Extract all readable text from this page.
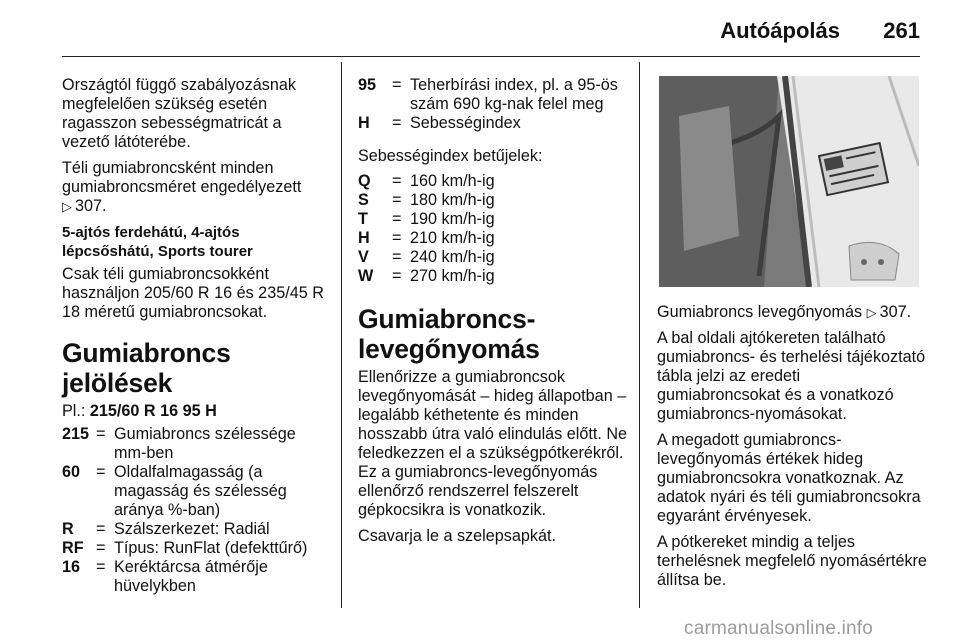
Autóápolás 261

Országtól függő szabályozásnak megfelelően szükség esetén ragasszon sebességmatricát a vezető látóterébe.

Téli gumiabroncsként minden gumiabroncsméret engedélyezett
▷ 307.

5-ajtós ferdehátú, 4-ajtós lépcsőshátú, Sports tourer

Csak téli gumiabroncsokként használjon 205/60 R 16 és 235/45 R 18 méretű gumiabroncsokat.

Gumiabroncs jelölések

Pl.: 215/60 R 16 95 H

215 = Gumiabroncs szélessége mm-ben
60 = Oldalfalmagasság (a magasság és szélesség aránya %-ban)
R	= Szálszerkezet: Radiál
RF = Típus: RunFlat (defekttűrő)
16 = Keréktárcsa átmérője hüvelykben
95 = Teherbírási index, pl. a 95-ös szám 690 kg-nak felel meg
H	= Sebességindex

Sebességindex betűjelek:

Q	= 160 km/h-ig
S	= 180 km/h-ig
T	= 190 km/h-ig
H	= 210 km/h-ig
V	= 240 km/h-ig
W	= 270 km/h-ig
Gumiabroncs-levegőnyomás

Ellenőrizze a gumiabroncsok levegőnyomását – hideg állapotban – legalább kéthetente és minden hosszabb útra való elindulás előtt. Ne feledkezzen el a szükségpótkerékről. Ez a gumiabroncs-levegőnyomás ellenőrző rendszerrel felszerelt gépkocsikra is vonatkozik.

Csavarja le a szelepsapkát.

Gumiabroncs levegőnyomás ▷ 307.

A bal oldali ajtókereten található gumiabroncs- és terhelési tájékoztató tábla jelzi az eredeti gumiabroncsokat és a vonatkozó gumiabroncs-nyomásokat.

A megadott gumiabroncs-levegőnyomás értékek hideg gumiabroncsokra vonatkoznak. Az adatok nyári és téli gumiabroncsokra egyaránt érvényesek.

A pótkereket mindig a teljes terhelésnek megfelelő nyomásértékre állítsa be.

carmanualsonline.info
